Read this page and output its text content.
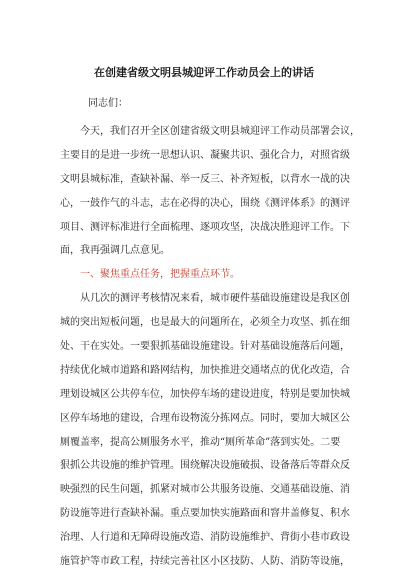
在创建省级文明县城迎评工作动员会上的讲话
同志们：
今天，我们召开全区创建省级文明县城迎评工作动员部署会议，
主要目的是进一步统一思想认识、凝聚共识、强化合力，对照省级
文明县城标准，查缺补漏、举一反三、补齐短板，以背水一战的决
心，一鼓作气的斗志，志在必得的决心，围绕《测评体系》的测评
项目、测评标准进行全面梳理、逐项攻坚，决战决胜迎评工作。下
面，我再强调几点意见。
一、聚焦重点任务，把握重点环节。
从几次的测评考核情况来看，城市硬件基础设施建设是我区创
城的突出短板问题，也是最大的问题所在，必须全力攻坚、抓在细
处、干在实处。一要狠抓基础设施建设。针对基础设施落后问题，
持续优化城市道路和路网结构，加快推进交通堵点的优化改造，合
理划设城区公共停车位，加快停车场的建设进度，特别是要加快城
区停车场地的建设，合理布设物流分拣网点。同时，要加大城区公
厕覆盖率，提高公厕服务水平，推动“厕所革命”落到实处。二要
狠抓公共设施的维护管理。围绕解决设施破损、设备落后等群众反
映强烈的民生问题，抓紧对城市公共服务设施、交通基础设施、消
防设施等进行查缺补漏。重点要加快实施路面和窨井盖修复、积水
治理、人行道和无障碍设施改造、消防设施维护、背街小巷市政设
施管护等市政工程，持续完善社区小区技防、人防、消防等设施，
